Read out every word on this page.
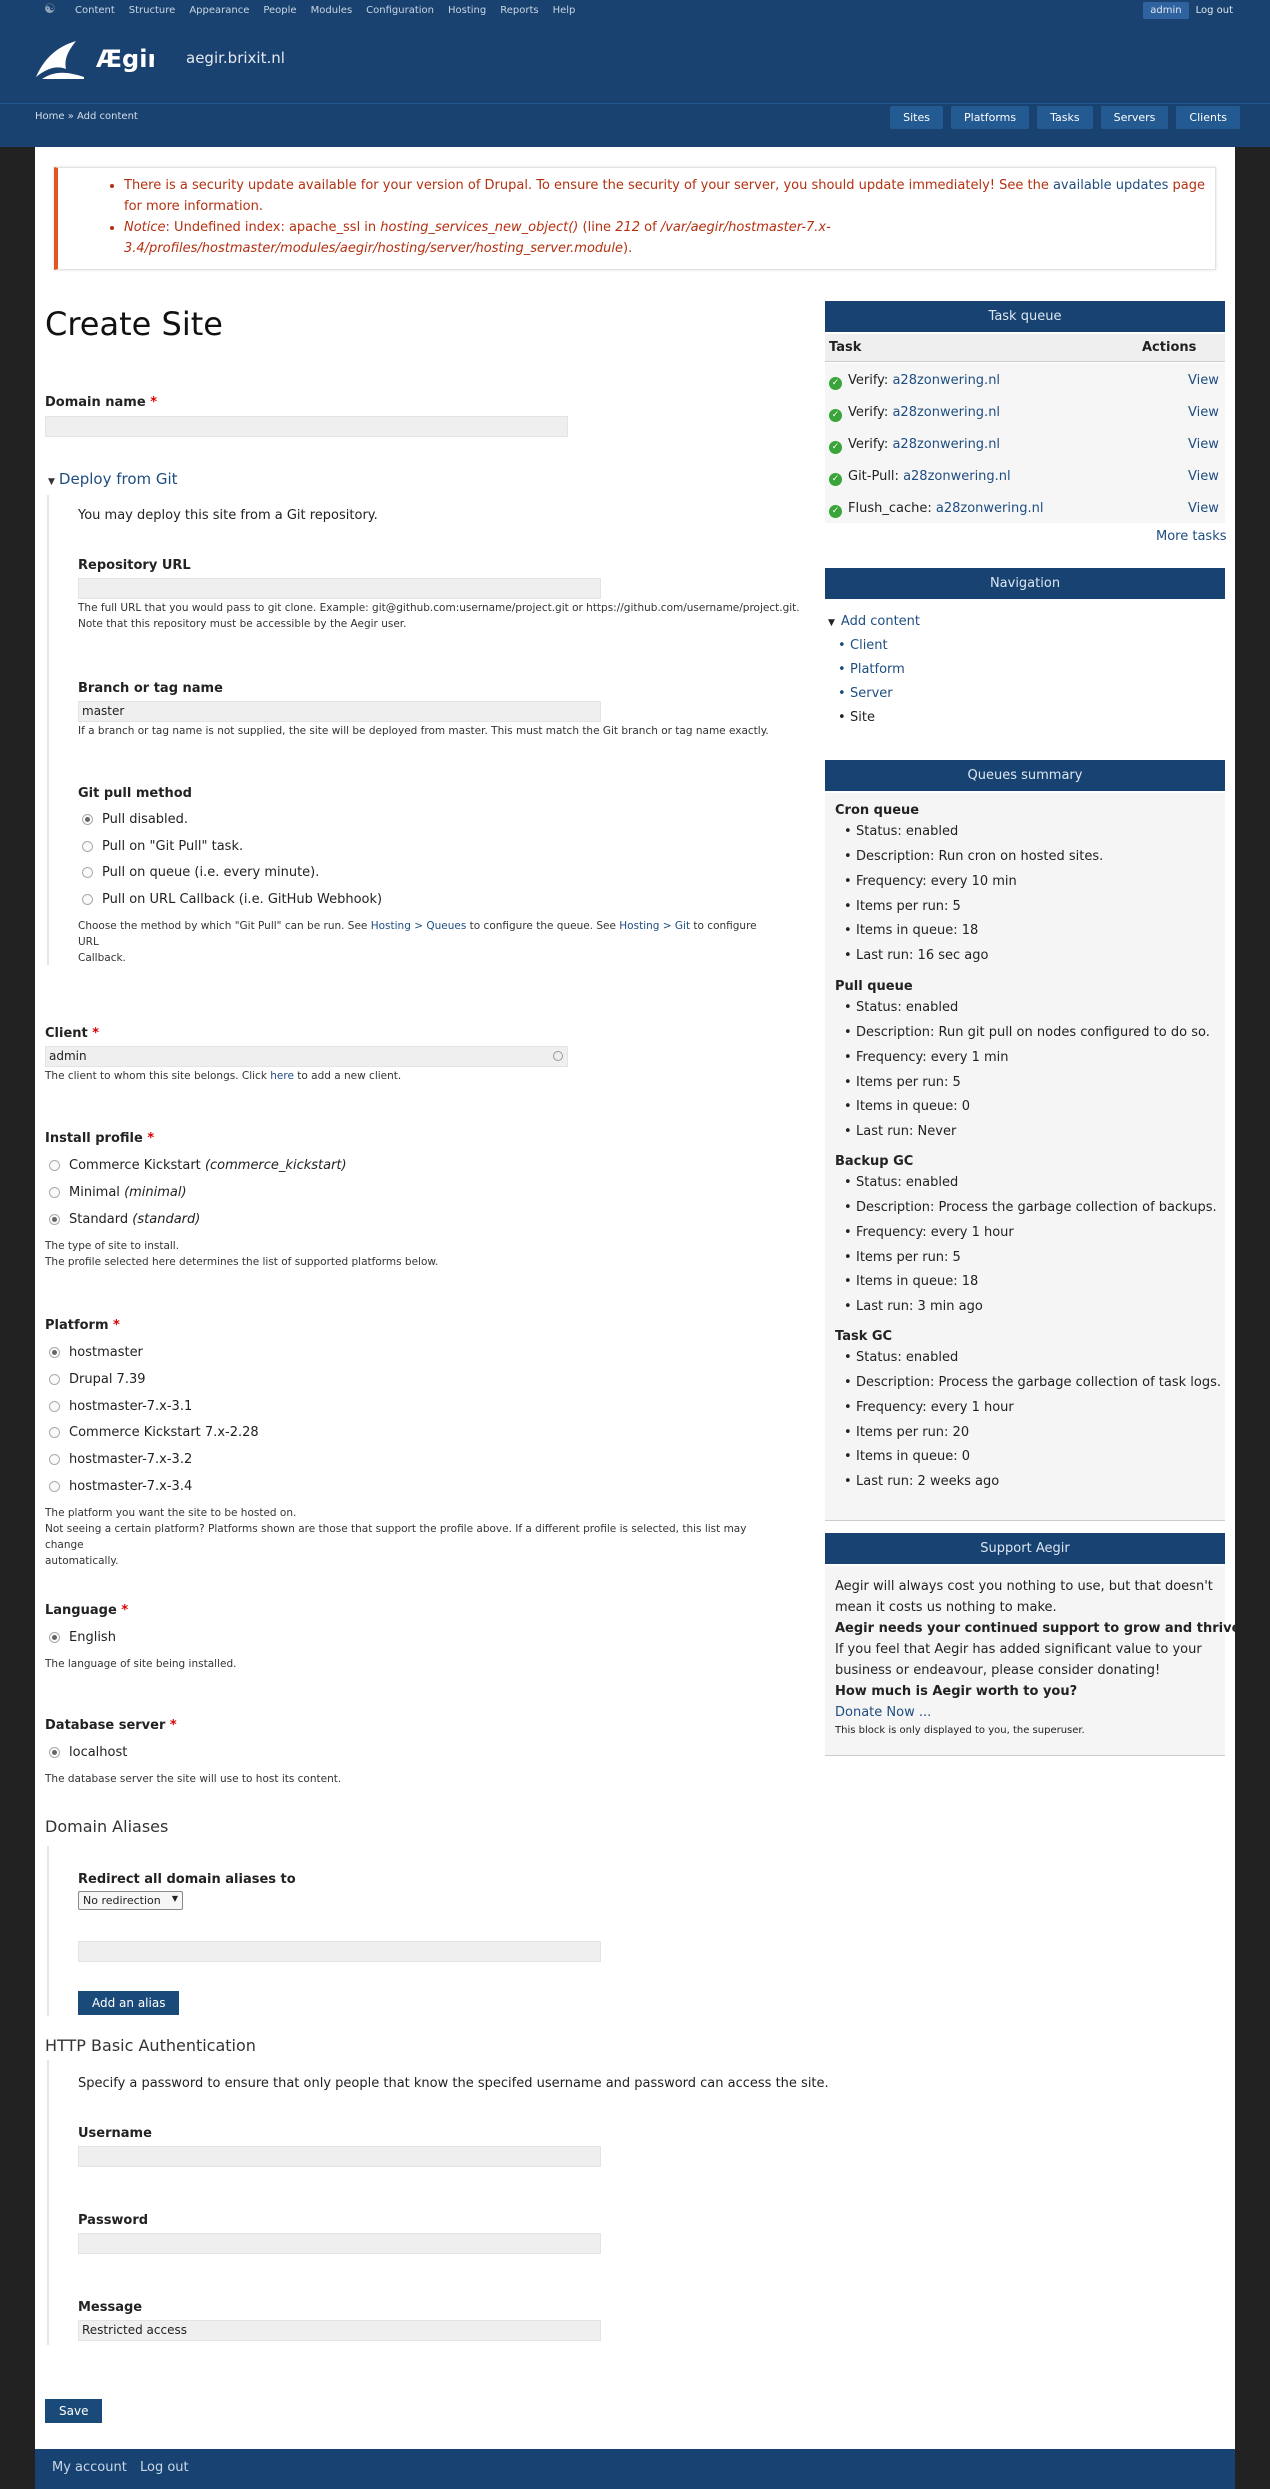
☯	Content	Structure	Appearance	People	Modules	Configuration	Hosting	Reports	Help	admin	Log out
Ægir aegir.brixit.nl
Home » Add content	Sites	Platforms	Tasks	Servers	Clients
• There is a security update available for your version of Drupal. To ensure the security of your server, you should update immediately! See the available updates page for more information.
• Notice: Undefined index: apache_ssl in hosting_services_new_object() (line 212 of /var/aegir/hostmaster-7.x-3.4/profiles/hostmaster/modules/aegir/hosting/server/hosting_server.module).
Create Site
Domain name *
▼ Deploy from Git
You may deploy this site from a Git repository.
Repository URL
The full URL that you would pass to git clone. Example: git@github.com:username/project.git or https://github.com/username/project.git.
Note that this repository must be accessible by the Aegir user.
Branch or tag name
master
If a branch or tag name is not supplied, the site will be deployed from master. This must match the Git branch or tag name exactly.
Git pull method
Pull disabled.
Pull on "Git Pull" task.
Pull on queue (i.e. every minute).
Pull on URL Callback (i.e. GitHub Webhook)
Choose the method by which "Git Pull" can be run. See Hosting > Queues to configure the queue. See Hosting > Git to configure URL
Callback.
Client *
admin
The client to whom this site belongs. Click here to add a new client.
Install profile *
Commerce Kickstart
(commerce_kickstart)
Minimal
(minimal)
Standard
(standard)
The type of site to install.
The profile selected here determines the list of supported platforms below.
Platform *
hostmaster
Drupal 7.39
hostmaster-7.x-3.1
Commerce Kickstart 7.x-2.28
hostmaster-7.x-3.2
hostmaster-7.x-3.4
The platform you want the site to be hosted on.
Not seeing a certain platform? Platforms shown are those that support the profile above. If a different profile is selected, this list may change
automatically.
Language *
English
The language of site being installed.
Database server *
localhost
The database server the site will use to host its content.
Domain Aliases
Redirect all domain aliases to
No redirection ▼
Add an alias
HTTP Basic Authentication
Specify a password to ensure that only people that know the specifed username and password can access the site.
Username
Password
Message
Restricted access
Save
Task queue
Task	Actions
✓ Verify: a28zonwering.nl	View
✓ Verify: a28zonwering.nl	View
✓ Verify: a28zonwering.nl	View
✓ Git-Pull: a28zonwering.nl	View
✓ Flush_cache: a28zonwering.nl	View
More tasks
Navigation
▼ Add content
• Client
• Platform
• Server
• Site
Queues summary
Cron queue
• Status: enabled
• Description: Run cron on hosted sites.
• Frequency: every 10 min
• Items per run: 5
• Items in queue: 18
• Last run: 16 sec ago
Pull queue
• Status: enabled
• Description: Run git pull on nodes configured to do so.
• Frequency: every 1 min
• Items per run: 5
• Items in queue: 0
• Last run: Never
Backup GC
• Status: enabled
• Description: Process the garbage collection of backups.
• Frequency: every 1 hour
• Items per run: 5
• Items in queue: 18
• Last run: 3 min ago
Task GC
• Status: enabled
• Description: Process the garbage collection of task logs.
• Frequency: every 1 hour
• Items per run: 20
• Items in queue: 0
• Last run: 2 weeks ago
Support Aegir
Aegir will always cost you nothing to use, but that doesn't
mean it costs us nothing to make.
Aegir needs your continued support to grow and thrive.
If you feel that Aegir has added significant value to your
business or endeavour, please consider donating!
How much is Aegir worth to you?
Donate Now ...
This block is only displayed to you, the superuser.
My account Log out
